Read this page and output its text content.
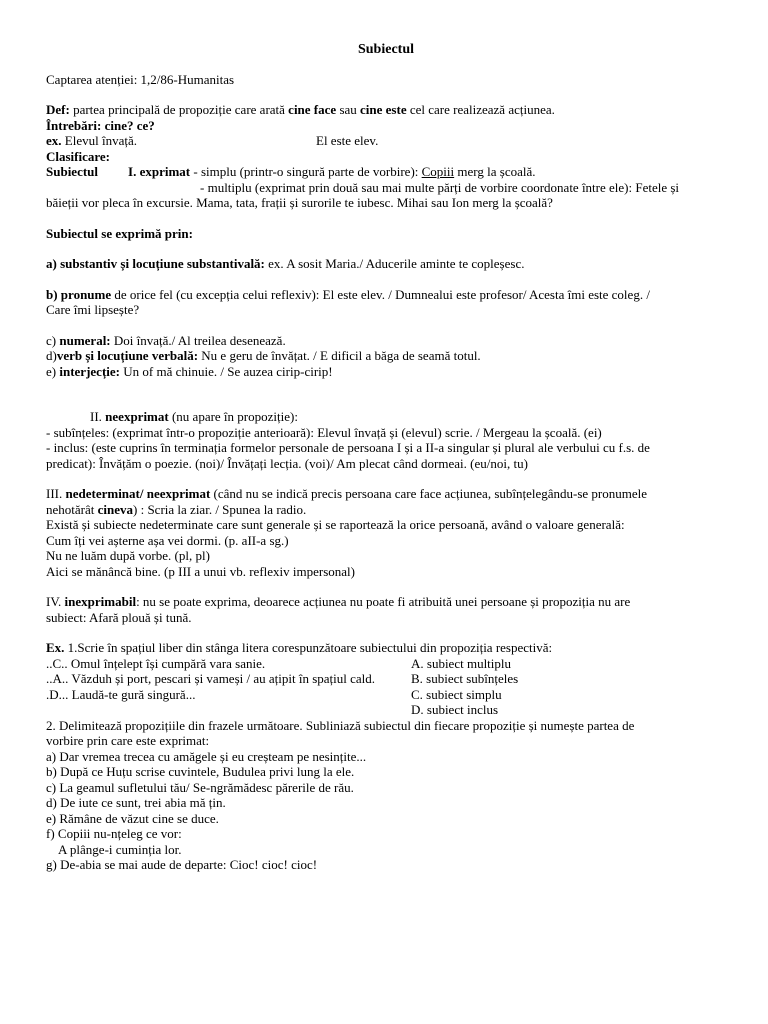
Subiectul

Captarea atenției: 1,2/86-Humanitas

Def: partea principală de propoziție care arată cine face sau cine este cel care realizează acțiunea.

Întrebări: cine? ce?

ex. Elevul învață.	El este elev.

Clasificare:

Subiectul I. exprimat - simplu (printr-o singură parte de vorbire): Copiii merg la școală.

- multiplu (exprimat prin două sau mai multe părți de vorbire coordonate între ele): Fetele și

băieții vor pleca în excursie. Mama, tata, frații și surorile te iubesc. Mihai sau Ion merg la școală?

Subiectul se exprimă prin:

a) substantiv și locuțiune substantivală: ex. A sosit Maria./ Aducerile aminte te copleșesc.

b) pronume de orice fel (cu excepția celui reflexiv): El este elev. / Dumnealui este profesor/ Acesta îmi este coleg. /

Care îmi lipsește?

c) numeral: Doi învață./ Al treilea desenează.

d)verb și locuțiune verbală: Nu e geru de învățat. / E dificil a băga de seamă totul.

e) interjecție: Un of mă chinuie. / Se auzea cirip-cirip!

II. neexprimat (nu apare în propoziție):

- subînțeles: (exprimat într-o propoziție anterioară): Elevul învață și (elevul) scrie. / Mergeau la școală. (ei)

- inclus: (este cuprins în terminația formelor personale de persoana I și a II-a singular și plural ale verbului cu f.s. de

predicat): Învățăm o poezie. (noi)/ Învățați lecția. (voi)/ Am plecat când dormeai. (eu/noi, tu)

III. nedeterminat/ neexprimat (când nu se indică precis persoana care face acțiunea, subînțelegându-se pronumele

nehotărât cineva) : Scria la ziar. / Spunea la radio.

Există și subiecte nedeterminate care sunt generale și se raportează la orice persoană, având o valoare generală:

Cum îți vei așterne așa vei dormi. (p. aII-a sg.)

Nu ne luăm după vorbe. (pl, pl)

Aici se mănâncă bine. (p III a unui vb. reflexiv impersonal)

IV. inexprimabil: nu se poate exprima, deoarece acțiunea nu poate fi atribuită unei persoane și propoziția nu are

subiect: Afară plouă și tună.

Ex. 1.Scrie în spațiul liber din stânga litera corespunzătoare subiectului din propoziția respectivă:

..C.. Omul înțelept își cumpără vara sanie.	A. subiect multiplu
..A.. Văzduh și port, pescari și vameși / au ațipit în spațiul cald.	B. subiect subînțeles
.D... Laudă-te gură singură...	C. subiect simplu
D. subiect inclus

2. Delimitează propozițiile din frazele următoare. Subliniază subiectul din fiecare propoziție și numește partea de

vorbire prin care este exprimat:

a) Dar vremea trecea cu amăgele și eu creșteam pe nesințite...

b) După ce Huțu scrise cuvintele, Budulea privi lung la ele.

c) La geamul sufletului tău/ Se-ngrămădesc părerile de rău.

d) De iute ce sunt, trei abia mă țin.

e) Rămâne de văzut cine se duce.

f) Copiii nu-nțeleg ce vor:

A plânge-i cuminția lor.

g) De-abia se mai aude de departe: Cioc! cioc! cioc!
